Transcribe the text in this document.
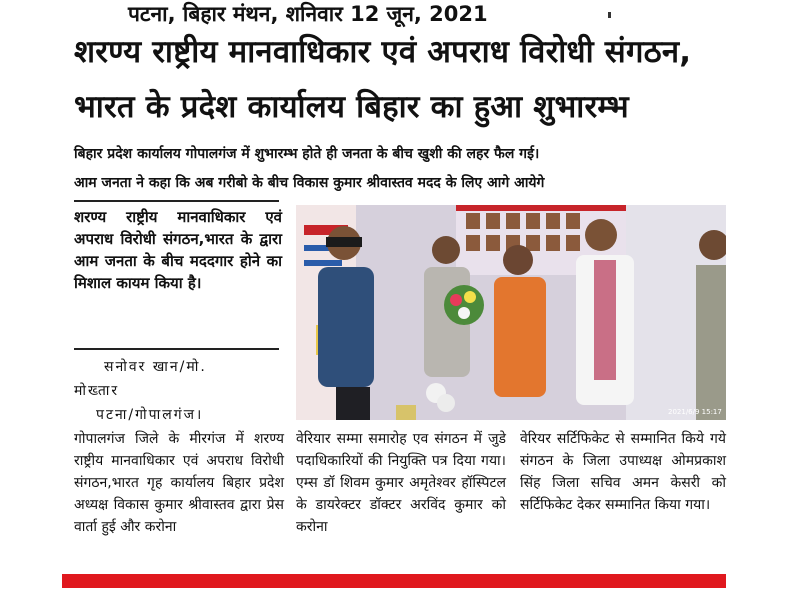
पटना, बिहार मंथन, शनिवार 12 जून, 2021
शरण्य राष्ट्रीय मानवाधिकार एवं अपराध विरोधी संगठन,
भारत के प्रदेश कार्यालय बिहार का हुआ शुभारम्भ
बिहार प्रदेश कार्यालय गोपालगंज में शुभारम्भ होते ही जनता के बीच खुशी की लहर फैल गई।
आम जनता ने कहा कि अब गरीबो के बीच विकास कुमार श्रीवास्तव मदद के लिए आगे आयेगे
शरण्य राष्ट्रीय मानवाधिकार एवं अपराध विरोधी संगठन,भारत के द्वारा आम जनता के बीच मददगार होने का मिशाल कायम किया है।
सनोवर खान/मो.
मोख्तार
पटना/गोपालगंज।	2021/6/9 15:17
गोपालगंज जिले के मीरगंज में शरण्य राष्ट्रीय मानवाधिकार एवं अपराध विरोधी संगठन,भारत गृह कार्यालय बिहार प्रदेश अध्यक्ष विकास कुमार श्रीवास्तव द्वारा प्रेस वार्ता हुई और करोना
वेरियार सम्मा समारोह एव संगठन में जुडे पदाधिकारियों की नियुक्ति पत्र दिया गया। एम्स डॉ शिवम कुमार अमृतेश्वर हॉस्पिटल के डायरेक्टर डॉक्टर अरविंद कुमार को करोना
वेरियर सर्टिफिकेट से सम्मानित किये गये संगठन के जिला उपाध्यक्ष ओमप्रकाश सिंह जिला सचिव अमन केसरी को सर्टिफिकेट देकर सम्मानित किया गया।
